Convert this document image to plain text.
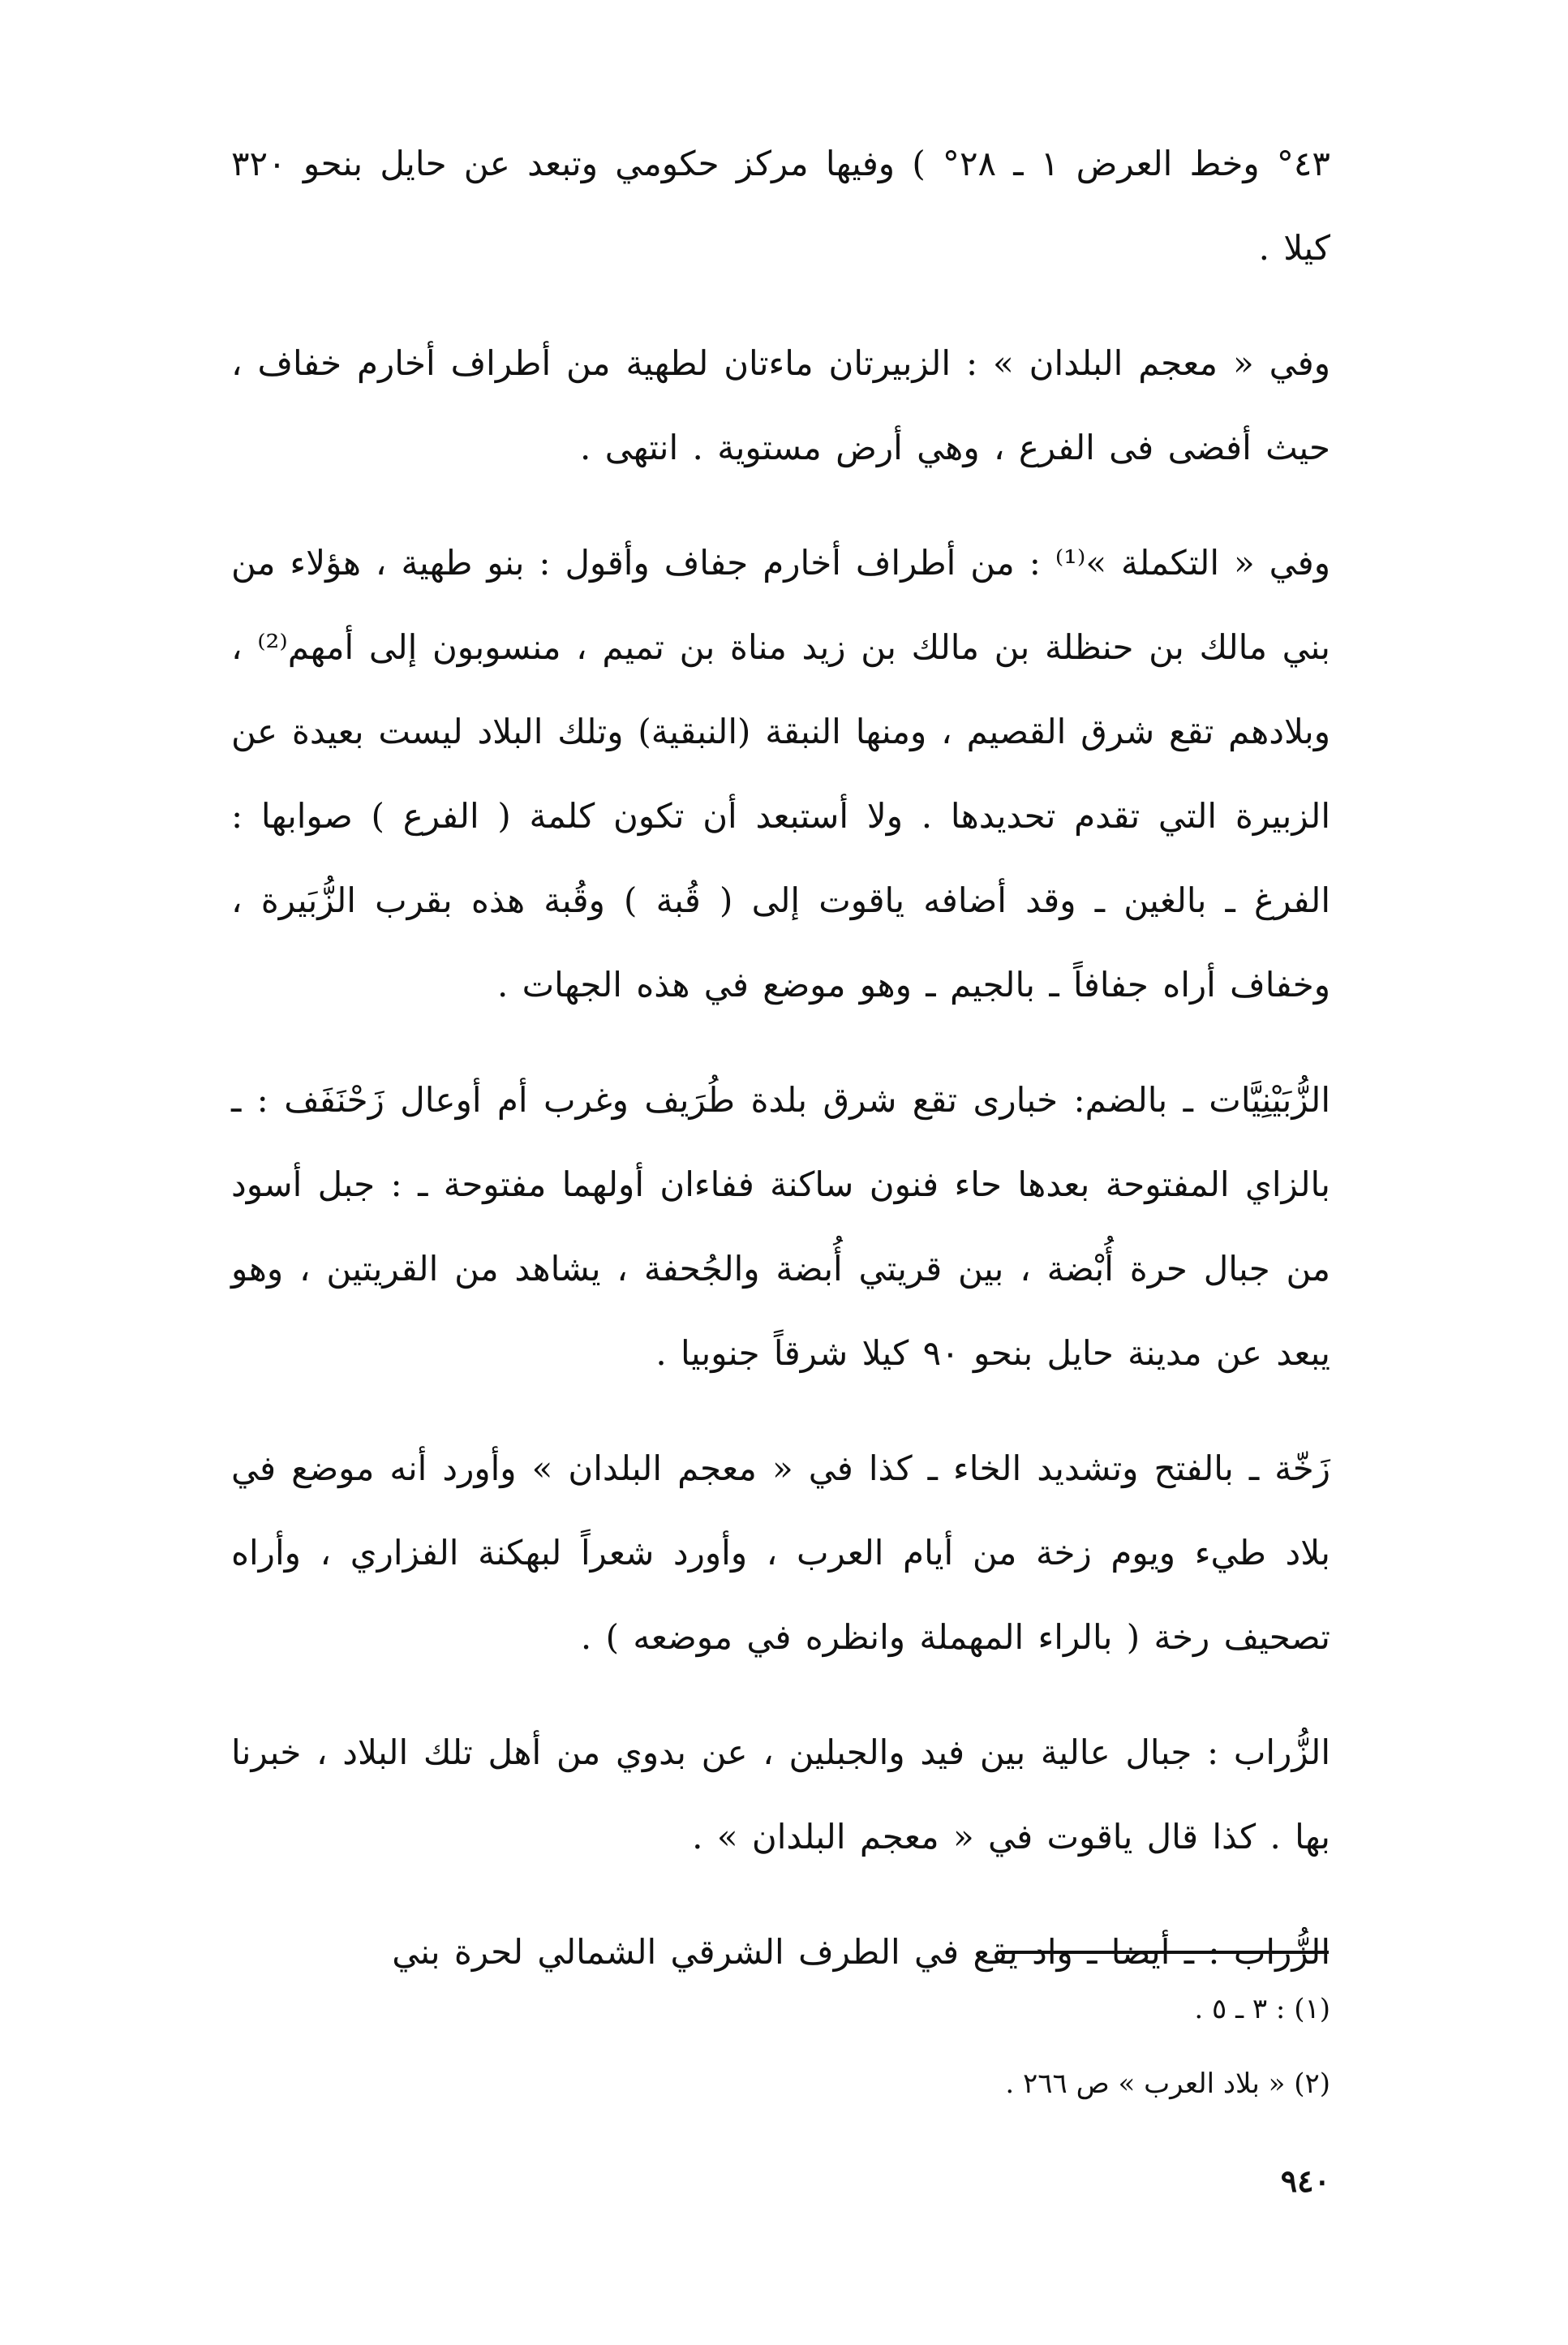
٤٣° وخط العرض ١ ـ ٢٨° ) وفيها مركز حكومي وتبعد عن حايل بنحو ٣٢٠ كيلا .

وفي « معجم البلدان » : الزبيرتان ماءتان لطهية من أطراف أخارم خفاف ، حيث أفضى فى الفرع ، وهي أرض مستوية . انتهى .

وفي « التكملة »⁽¹⁾ : من أطراف أخارم جفاف وأقول : بنو طهية ، هؤلاء من بني مالك بن حنظلة بن مالك بن زيد مناة بن تميم ، منسوبون إلى أمهم⁽²⁾ ، وبلادهم تقع شرق القصيم ، ومنها النبقة (النبقية) وتلك البلاد ليست بعيدة عن الزبيرة التي تقدم تحديدها . ولا أستبعد أن تكون كلمة ( الفرع ) صوابها : الفرغ ـ بالغين ـ وقد أضافه ياقوت إلى ( قُبة ) وقُبة هذه بقرب الزُّبَيرة ، وخفاف أراه جفافاً ـ بالجيم ـ وهو موضع في هذه الجهات .

الزُّبَيْنِيَّات ـ بالضم: خبارى تقع شرق بلدة طُرَيف وغرب أم أوعال زَحْنَفَف : ـ بالزاي المفتوحة بعدها حاء فنون ساكنة ففاءان أولهما مفتوحة ـ : جبل أسود من جبال حرة أُبْضة ، بين قريتي أُبضة والجُحفة ، يشاهد من القريتين ، وهو يبعد عن مدينة حايل بنحو ٩٠ كيلا شرقاً جنوبيا .

زَخّة ـ بالفتح وتشديد الخاء ـ كذا في « معجم البلدان » وأورد أنه موضع في بلاد طيء ويوم زخة من أيام العرب ، وأورد شعراً لبهكنة الفزاري ، وأراه تصحيف رخة ( بالراء المهملة وانظره في موضعه ) .

الزُّراب : جبال عالية بين فيد والجبلين ، عن بدوي من أهل تلك البلاد ، خبرنا بها . كذا قال ياقوت في « معجم البلدان » .

الزُّراب : ـ أيضا ـ واد يقع في الطرف الشرقي الشمالي لحرة بني

(١) : ٣ ـ ٥ .

(٢) « بلاد العرب » ص ٢٦٦ .

٩٤٠
